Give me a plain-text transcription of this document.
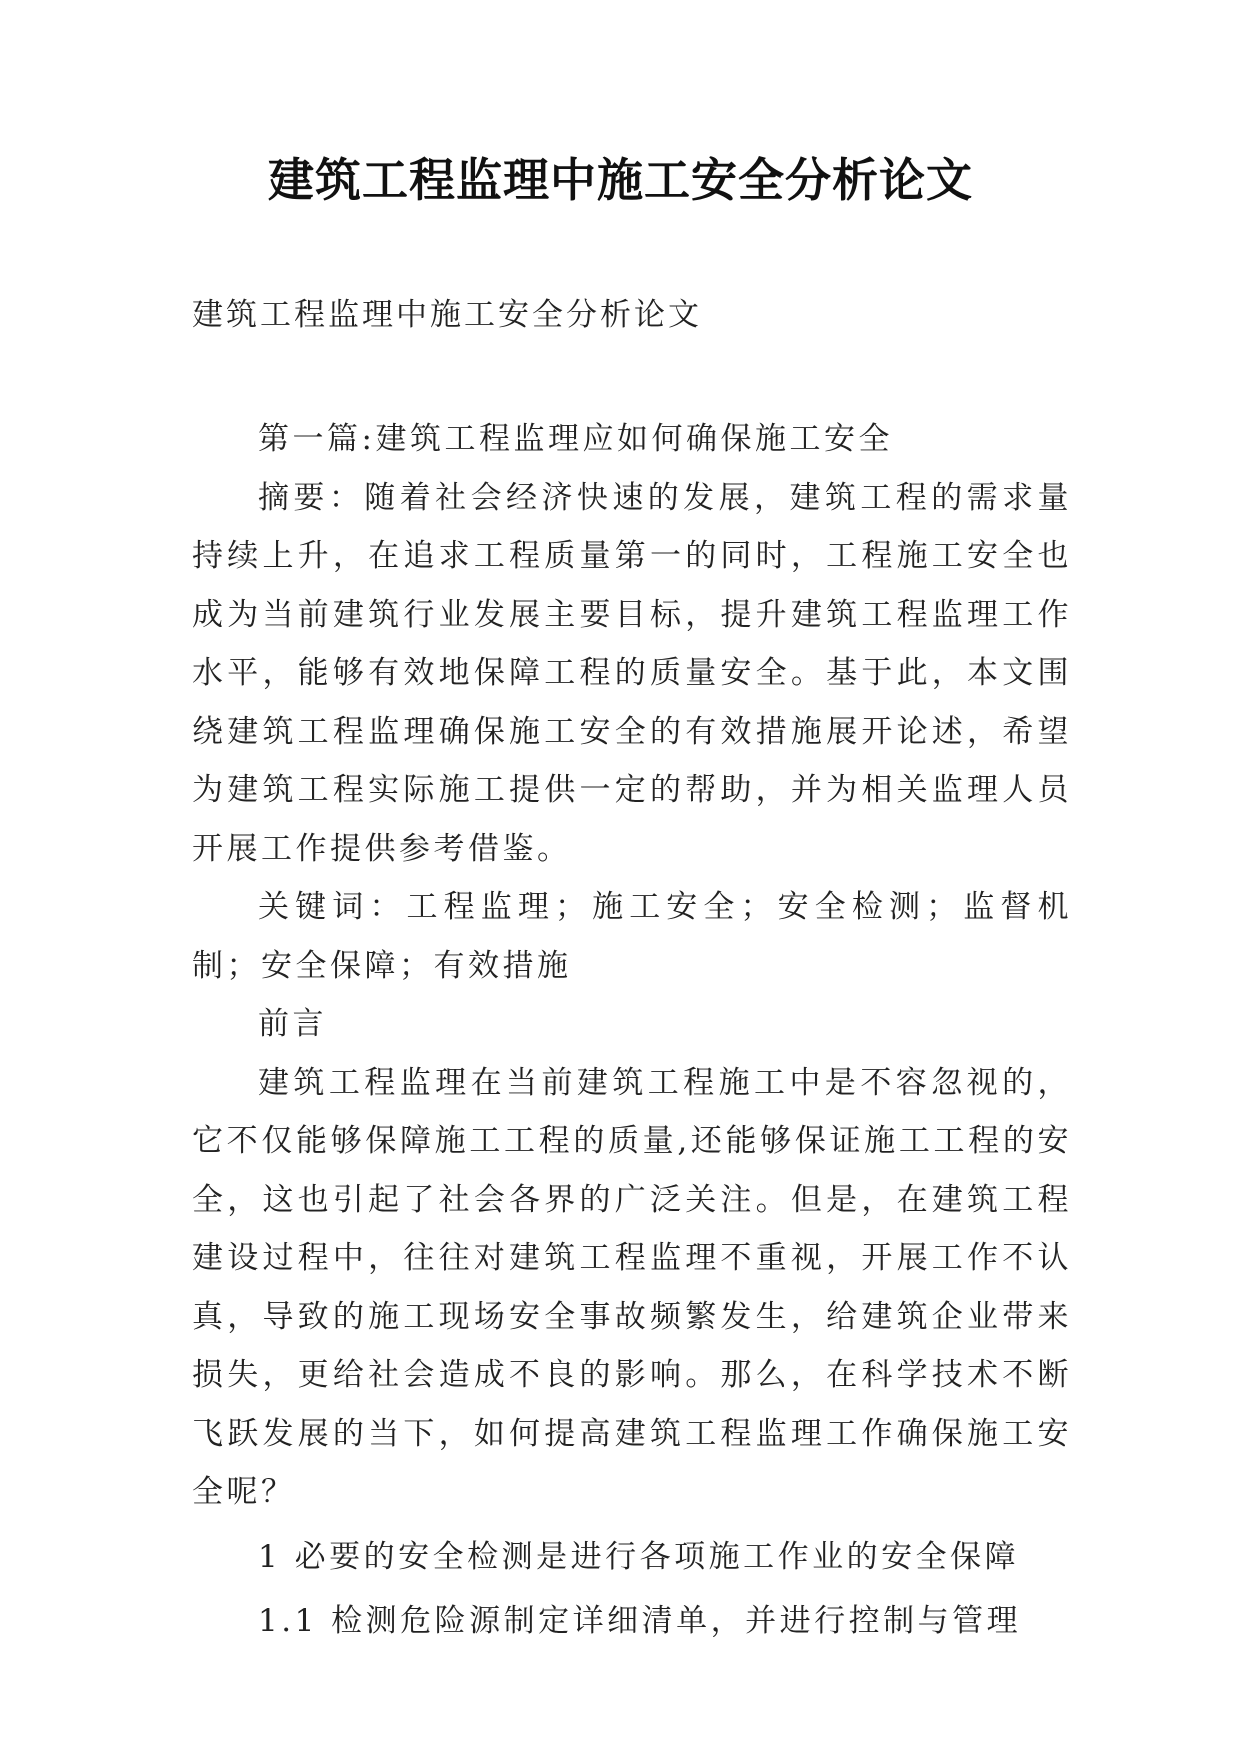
建筑工程监理中施工安全分析论文

建筑工程监理中施工安全分析论文

第一篇:建筑工程监理应如何确保施工安全

摘要：随着社会经济快速的发展，建筑工程的需求量持续上升，在追求工程质量第一的同时，工程施工安全也成为当前建筑行业发展主要目标，提升建筑工程监理工作水平，能够有效地保障工程的质量安全。基于此，本文围绕建筑工程监理确保施工安全的有效措施展开论述，希望为建筑工程实际施工提供一定的帮助，并为相关监理人员开展工作提供参考借鉴。

关键词：工程监理；施工安全；安全检测；监督机制；安全保障；有效措施

前言

建筑工程监理在当前建筑工程施工中是不容忽视的，它不仅能够保障施工工程的质量,还能够保证施工工程的安全，这也引起了社会各界的广泛关注。但是，在建筑工程建设过程中，往往对建筑工程监理不重视，开展工作不认真，导致的施工现场安全事故频繁发生，给建筑企业带来损失，更给社会造成不良的影响。那么，在科学技术不断飞跃发展的当下，如何提高建筑工程监理工作确保施工安全呢？

1 必要的安全检测是进行各项施工作业的安全保障

1.1 检测危险源制定详细清单，并进行控制与管理
